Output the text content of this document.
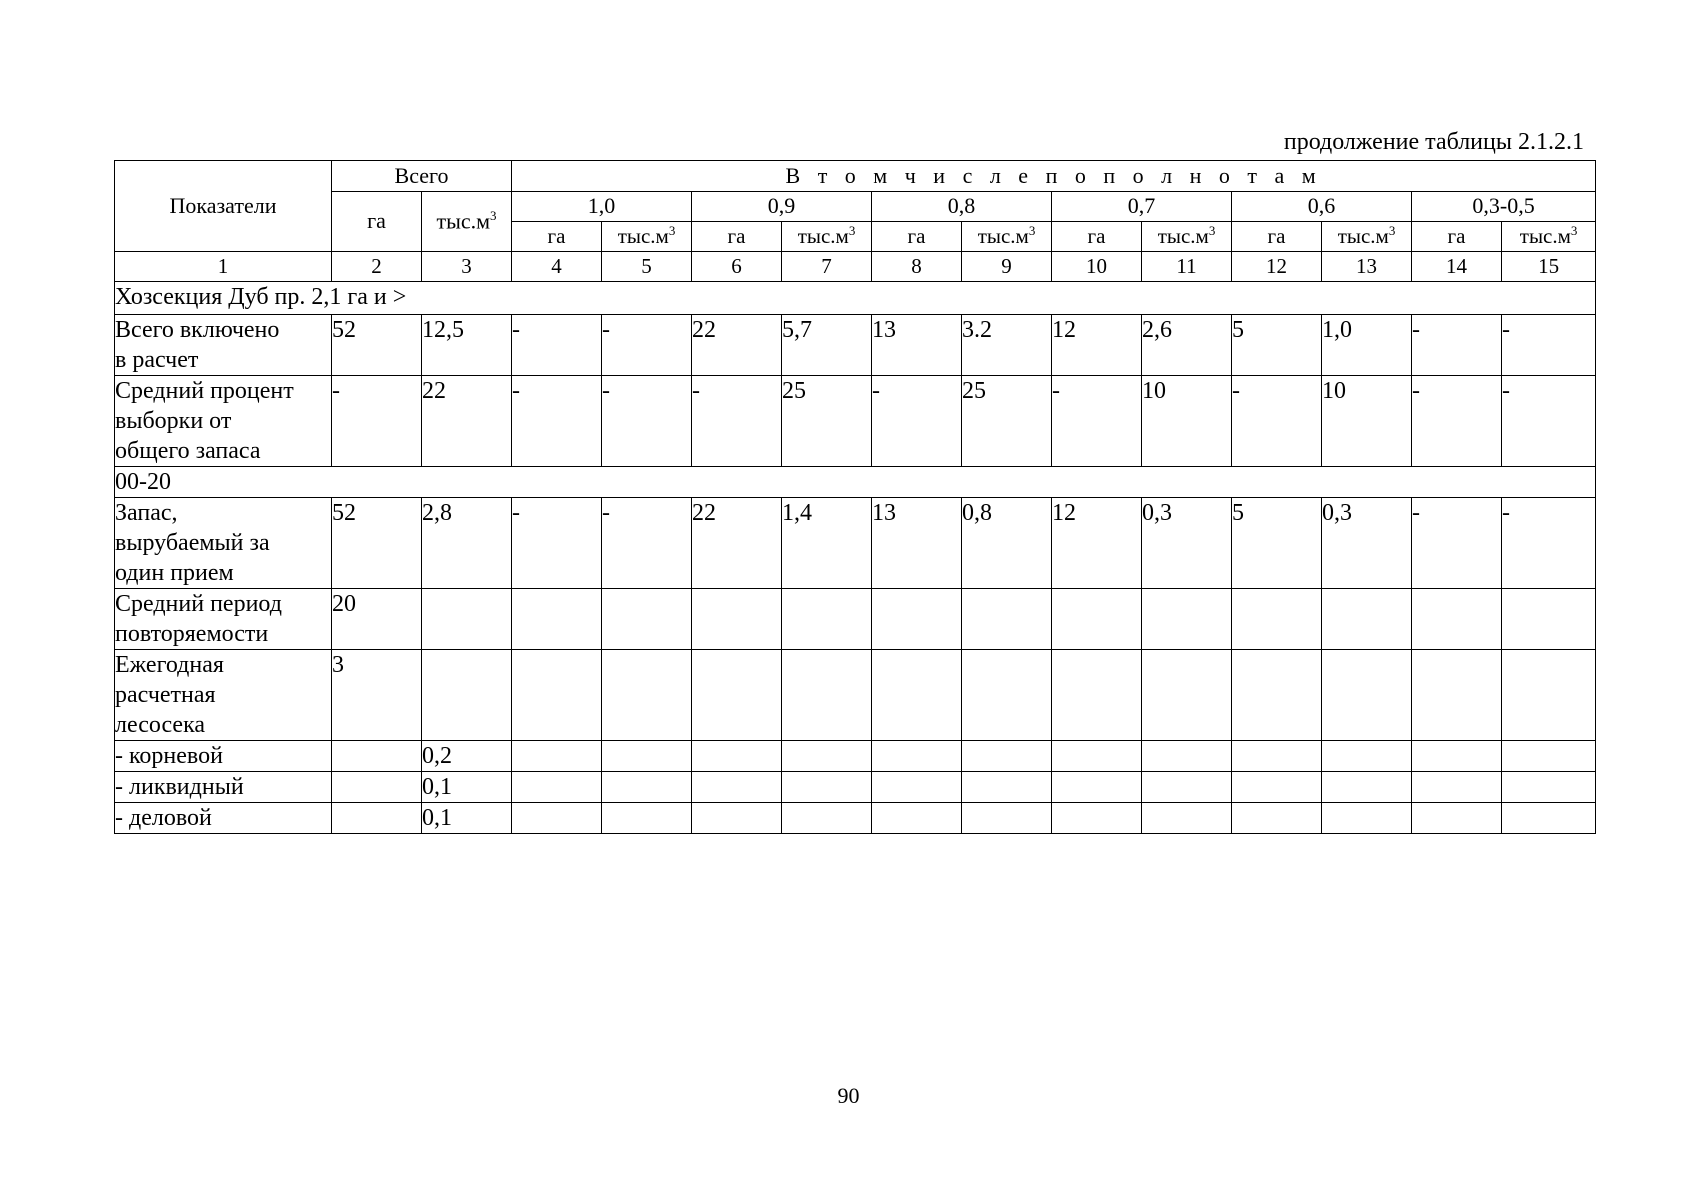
продолжение таблицы 2.1.2.1
Показатели	Всего		В т о м ч и с л е п о п о л н о т а м											
	га	$тыс.м^3$	1,0		0,9		0,8		0,7		0,6		0,3-0,5	
			га	$тыс.м^3$	га	$тыс.м^3$	га	$тыс.м^3$	га	$тыс.м^3$	га	$тыс.м^3$	га	$тыс.м^3$
1	2	3	4	5	6	7	8	9	10	11	12	13	14	15
Хозсекция Дуб пр. 2,1 га и >														
Всего включено
в расчет	52	12,5	-	-	22	5,7	13	3.2	12	2,6	5	1,0	-	-
Средний процент
выборки от
общего запаса	-	22	-	-	-	25	-	25	-	10	-	10	-	-
00-20														
Запас,
вырубаемый за
один прием	52	2,8	-	-	22	1,4	13	0,8	12	0,3	5	0,3	-	-
Средний период
повторяемости	20													
Ежегодная
расчетная
лесосека	3													
- корневой		0,2												
- ликвидный		0,1												
- деловой		0,1												
90
